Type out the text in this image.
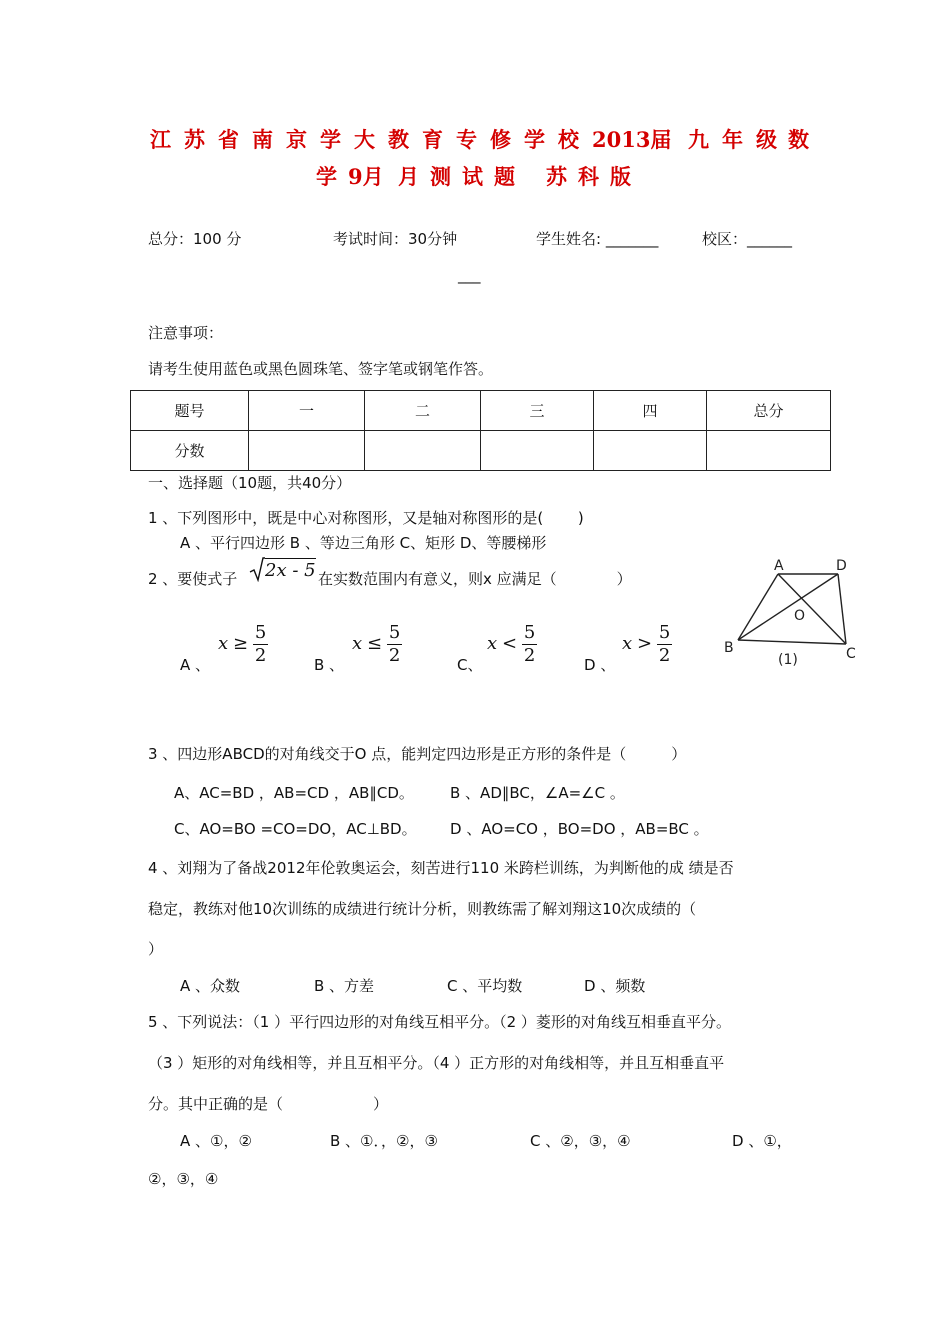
江 苏 省 南 京 学 大 教 育 专 修 学 校 2013届 九 年 级 数
学 9月 月 测 试 题 苏 科 版
总分：100 分	考试时间：30分钟	学生姓名: _______	校区：______
___
注意事项：
请考生使用蓝色或黑色圆珠笔、签字笔或钢笔作答。
题号	一	二	三	四	总分
分数					
一、选择题（10题，共40分）
1 、下列图形中，既是中心对称图形，又是轴对称图形的是(　　 )
A 、平行四边形 B 、等边三角形 C、矩形 D、等腰梯形
2 、要使式子 2x - 5 在实数范围内有意义，则x 应满足（　　　　）
A 、
$x \ge \frac{5}{2}$	B 、
$x \le \frac{5}{2}$	C、
$x < \frac{5}{2}$	D 、
$x > \frac{5}{2}$
A	D
O
B	C
(1)
3 、四边形ABCD的对角线交于O 点，能判定四边形是正方形的条件是（　　　）
A、AC=BD ，AB=CD ，AB∥CD。 B 、AD∥BC，∠A=∠C 。
C、AO=BO =CO=DO，AC⊥BD。 D 、AO=CO ，BO=DO ，AB=BC 。
4 、刘翔为了备战2012年伦敦奥运会，刻苦进行110 米跨栏训练，为判断他的成 绩是否
稳定，教练对他10次训练的成绩进行统计分析，则教练需了解刘翔这10次成绩的（
）
A 、众数	B 、方差	C 、平均数	D 、频数
5 、下列说法：（1 ）平行四边形的对角线互相平分。（2 ）菱形的对角线互相垂直平分。
（3 ）矩形的对角线相等，并且互相平分。（4 ）正方形的对角线相等，并且互相垂直平
分。其中正确的是（　　　　　　）
A 、①，②	B 、①．，②，③	C 、②，③，④	D 、①，
②，③，④
